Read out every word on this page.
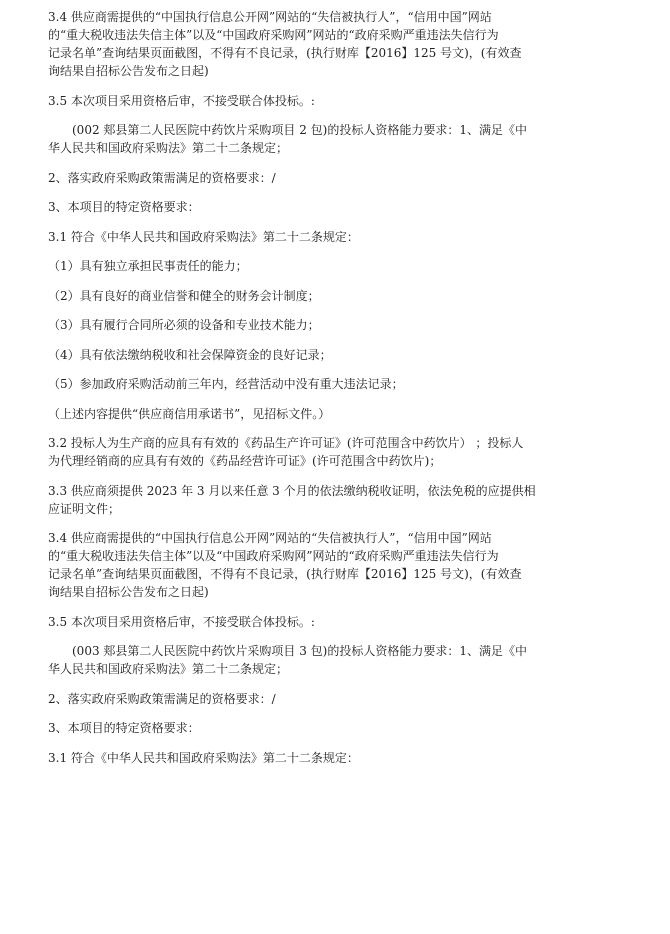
3.4 供应商需提供的“中国执行信息公开网”网站的“失信被执行人”，“信用中国”网站

的“重大税收违法失信主体”以及“中国政府采购网”网站的“政府采购严重违法失信行为

记录名单”查询结果页面截图，不得有不良记录，(执行财库【2016】125 号文)，(有效查

询结果自招标公告发布之日起)

3.5 本次项目采用资格后审，不接受联合体投标。:

(002 郏县第二人民医院中药饮片采购项目 2 包)的投标人资格能力要求：1、满足《中

华人民共和国政府采购法》第二十二条规定；

2、落实政府采购政策需满足的资格要求：/

3、本项目的特定资格要求：

3.1 符合《中华人民共和国政府采购法》第二十二条规定：

（1）具有独立承担民事责任的能力；

（2）具有良好的商业信誉和健全的财务会计制度；

（3）具有履行合同所必须的设备和专业技术能力；

（4）具有依法缴纳税收和社会保障资金的良好记录；

（5）参加政府采购活动前三年内，经营活动中没有重大违法记录；

（上述内容提供“供应商信用承诺书”，见招标文件。）

3.2 投标人为生产商的应具有有效的《药品生产许可证》(许可范围含中药饮片） ；投标人

为代理经销商的应具有有效的《药品经营许可证》(许可范围含中药饮片)；

3.3 供应商须提供 2023 年 3 月以来任意 3 个月的依法缴纳税收证明，依法免税的应提供相

应证明文件；

3.4 供应商需提供的“中国执行信息公开网”网站的“失信被执行人”，“信用中国”网站

的“重大税收违法失信主体”以及“中国政府采购网”网站的“政府采购严重违法失信行为

记录名单”查询结果页面截图，不得有不良记录，(执行财库【2016】125 号文)，(有效查

询结果自招标公告发布之日起)

3.5 本次项目采用资格后审，不接受联合体投标。:

(003 郏县第二人民医院中药饮片采购项目 3 包)的投标人资格能力要求：1、满足《中

华人民共和国政府采购法》第二十二条规定；

2、落实政府采购政策需满足的资格要求：/

3、本项目的特定资格要求：

3.1 符合《中华人民共和国政府采购法》第二十二条规定：
